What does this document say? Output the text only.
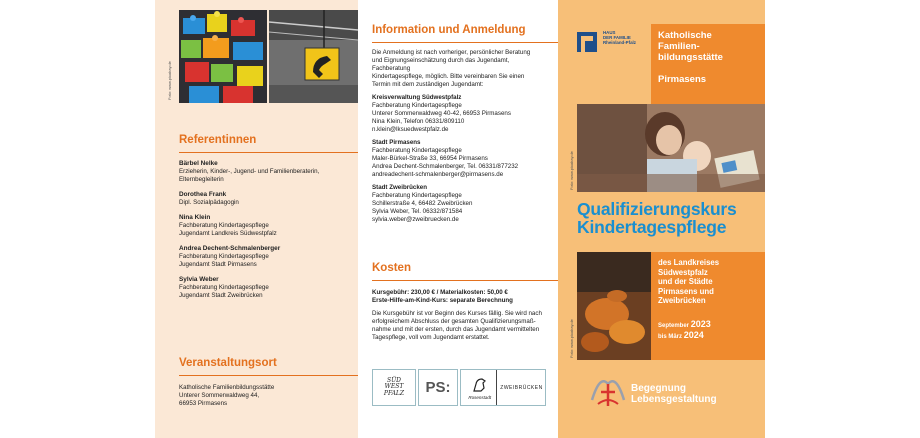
Foto: www.pixabay.de
Referentinnen
Bärbel Nelke
Erzieherin, Kinder-, Jugend- und Familienberaterin,
Elternbegleiterin
Dorothea Frank
Dipl. Sozialpädagogin
Nina Klein
Fachberatung Kindertagespflege
Jugendamt Landkreis Südwestpfalz
Andrea Dechent-Schmalenberger
Fachberatung Kindertagespflege
Jugendamt Stadt Pirmasens
Sylvia Weber
Fachberatung Kindertagespflege
Jugendamt Stadt Zweibrücken
Veranstaltungsort
Katholische Familienbildungsstätte
Unterer Sommerwaldweg 44,
66953 Pirmasens
Information und Anmeldung
Die Anmeldung ist nach vorheriger, persönlicher Beratung
und Eignungseinschätzung durch das Jugendamt, Fachberatung
Kindertagespflege, möglich. Bitte vereinbaren Sie einen
Termin mit dem zuständigen Jugendamt:
Kreisverwaltung Südwestpfalz
Fachberatung Kindertagespflege
Unterer Sommerwaldweg 40-42, 66953 Pirmasens
Nina Klein, Telefon 06331/809110
n.klein@lksuedwestpfalz.de
Stadt Pirmasens
Fachberatung Kindertagespflege
Maler-Bürkel-Straße 33, 66954 Pirmasens
Andrea Dechent-Schmalenberger, Tel. 06331/877232
andreadechent-schmalenberger@pirmasens.de
Stadt Zweibrücken
Fachberatung Kindertagespflege
Schillerstraße 4, 66482 Zweibrücken
Sylvia Weber, Tel. 06332/871584
sylvia.weber@zweibruecken.de
Kosten
Kursgebühr: 230,00 € / Materialkosten: 50,00 €
Erste-Hilfe-am-Kind-Kurs: separate Berechnung
Die Kursgebühr ist vor Beginn des Kurses fällig. Sie wird nach
erfolgreichem Abschluss der gesamten Qualifizierungsmaß-
nahme und mit der ersten, durch das Jugendamt vermittelten
Tagespflege, voll vom Jugendamt erstattet.
SÜD
WEST
PFALZ PS:
Rosenstadt
ZWEIBRÜCKEN
HAUS
DER FAMILIE
Rheinland-Pfalz
Katholische
Familien-
bildungsstätte
Pirmasens
Foto: www.pixabay.de
Qualifizierungskurs
Kindertagespflege
Foto: www.pixabay.de
des Landkreises
Südwestpfalz
und der Städte
Pirmasens und
Zweibrücken
September 2023
bis März 2024
Begegnung
Lebensgestaltung
